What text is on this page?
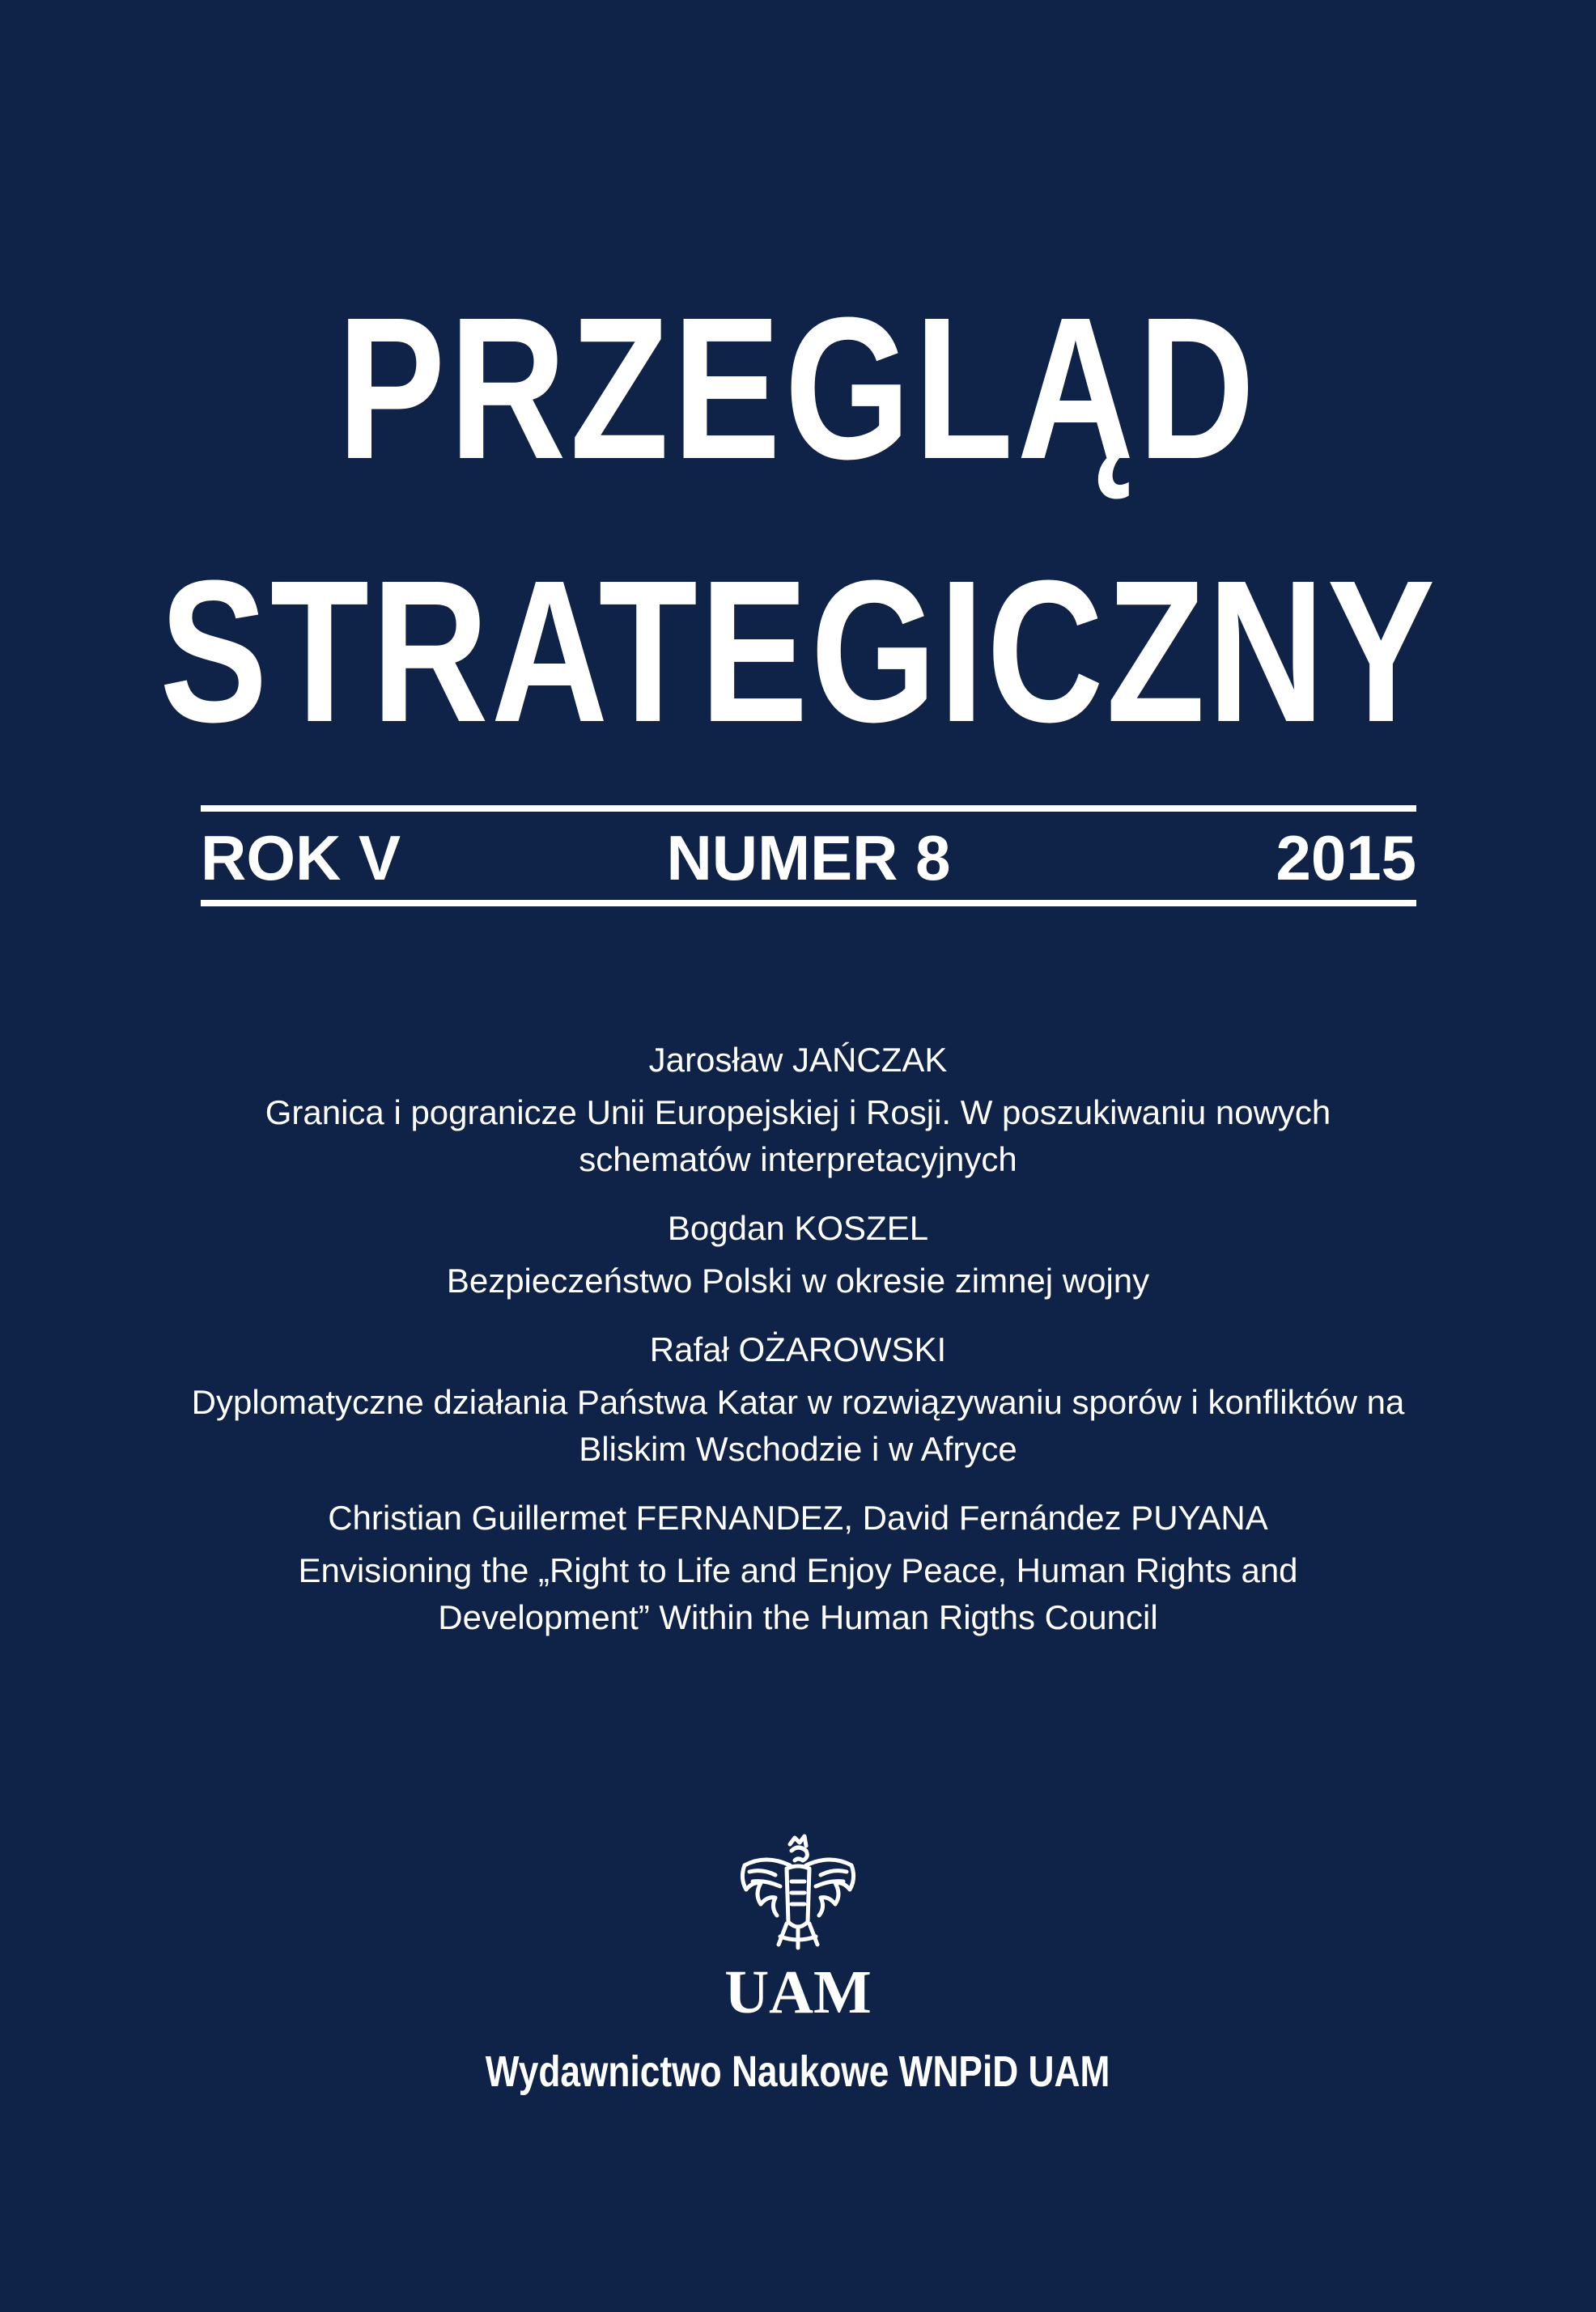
PRZEGLĄD
STRATEGICZNY
ROK V	NUMER 8	2015
Jarosław JAŃCZAK
Granica i pogranicze Unii Europejskiej i Rosji. W poszukiwaniu nowych schematów interpretacyjnych
Bogdan KOSZEL
Bezpieczeństwo Polski w okresie zimnej wojny
Rafał OŻAROWSKI
Dyplomatyczne działania Państwa Katar w rozwiązywaniu sporów i konfliktów na Bliskim Wschodzie i w Afryce
Christian Guillermet FERNANDEZ, David Fernández PUYANA
Envisioning the „Right to Life and Enjoy Peace, Human Rights and Development” Within the Human Rigths Council
UAM
Wydawnictwo Naukowe WNPiD UAM
